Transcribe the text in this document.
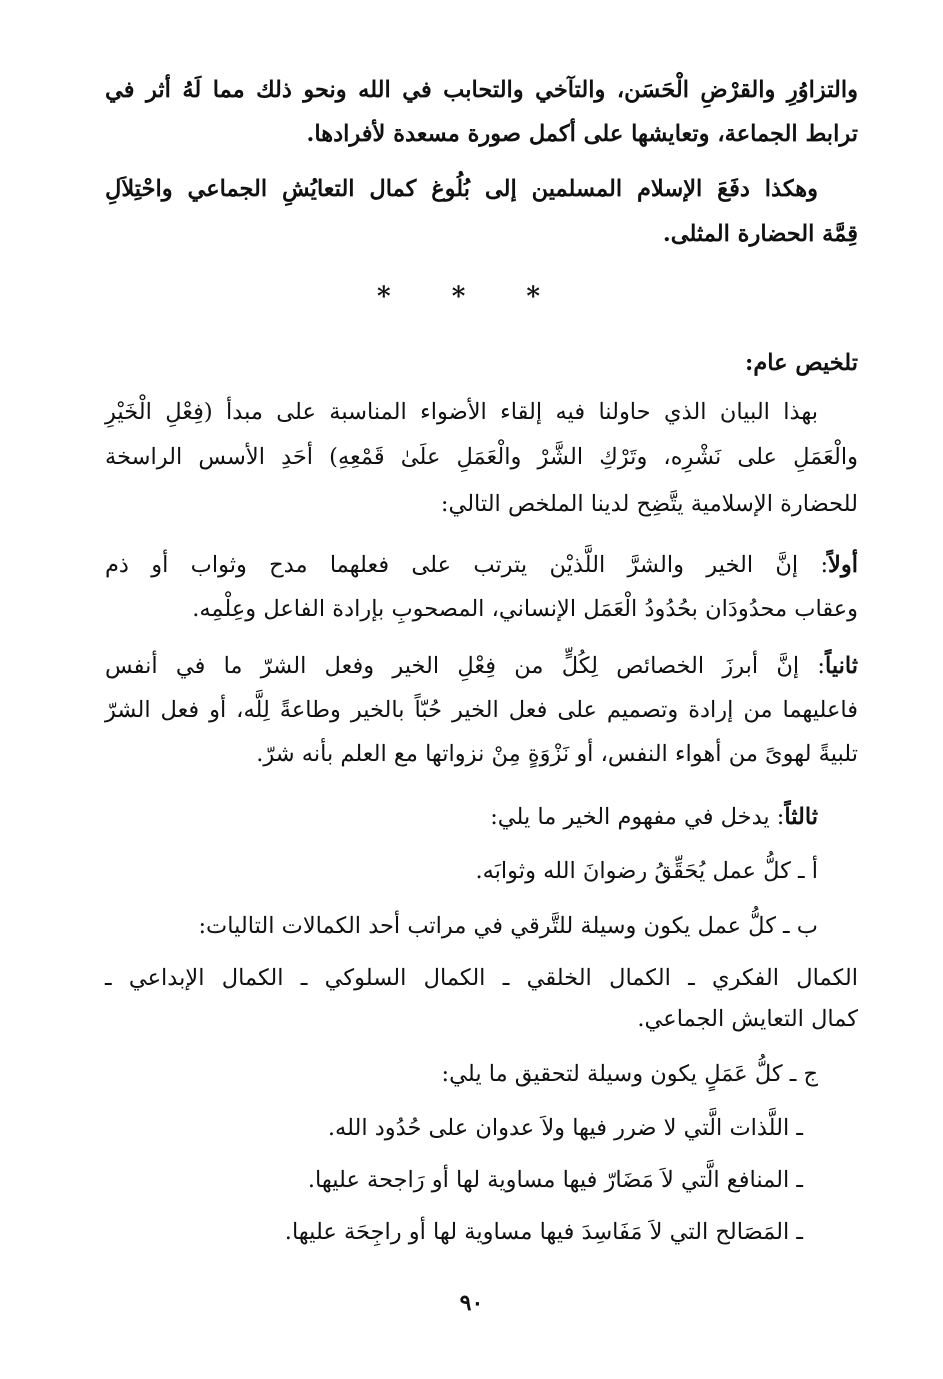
والتزاوُرِ والقرْضِ الْحَسَن، والتآخي والتحابب في الله ونحو ذلك مما لَهُ أثر في
ترابط الجماعة، وتعايشها على أكمل صورة مسعدة لأفرادها.
وهكذا دفَعَ الإسلام المسلمين إلى بُلُوغ كمال التعايُشِ الجماعي واحْتِلاَلِ
قِمَّة الحضارة المثلى.
* * *
تلخيص عام:
بهذا البيان الذي حاولنا فيه إلقاء الأضواء المناسبة على مبدأ (فِعْلِ الْخَيْرِ
والْعَمَلِ على نَشْرِه، وتَرْكِ الشَّرْ والْعَمَلِ علَىٰ قَمْعِهِ) أحَدِ الأسس الراسخة
للحضارة الإسلامية يتَّضِح لدينا الملخص التالي:
أولاً: إنَّ الخير والشرَّ اللَّذيْن يترتب على فعلهما مدح وثواب أو ذم
وعقاب محدُودَان بحُدُودُ الْعَمَل الإنساني، المصحوبِ بإرادة الفاعل وعِلْمِه.
ثانياً: إنَّ أبرزَ الخصائص لِكُلٍّ من فِعْلِ الخير وفعل الشرّ ما في أنفس
فاعليهما من إرادة وتصميم على فعل الخير حُبّاً بالخير وطاعةً لِلَّه، أو فعل الشرّ
تلبيةً لهوىً من أهواء النفس، أو نَزْوَةٍ مِنْ نزواتها مع العلم بأنه شرّ.
ثالثاً: يدخل في مفهوم الخير ما يلي:
أ ـ كلُّ عمل يُحَقِّقُ رضوانَ الله وثوابَه.
ب ـ كلُّ عمل يكون وسيلة للتَّرقي في مراتب أحد الكمالات التاليات:
الكمال الفكري ـ الكمال الخلقي ـ الكمال السلوكي ـ الكمال الإبداعي ـ
كمال التعايش الجماعي.
ج ـ كلُّ عَمَلٍ يكون وسيلة لتحقيق ما يلي:
ـ اللَّذات الَّتي لا ضرر فيها ولاَ عدوان على حُدُود الله.
ـ المنافع الَّتي لاَ مَضَارّ فيها مساوية لها أو رَاجحة عليها.
ـ المَصَالح التي لاَ مَفَاسِدَ فيها مساوية لها أو راجِحَة عليها.
٩٠
